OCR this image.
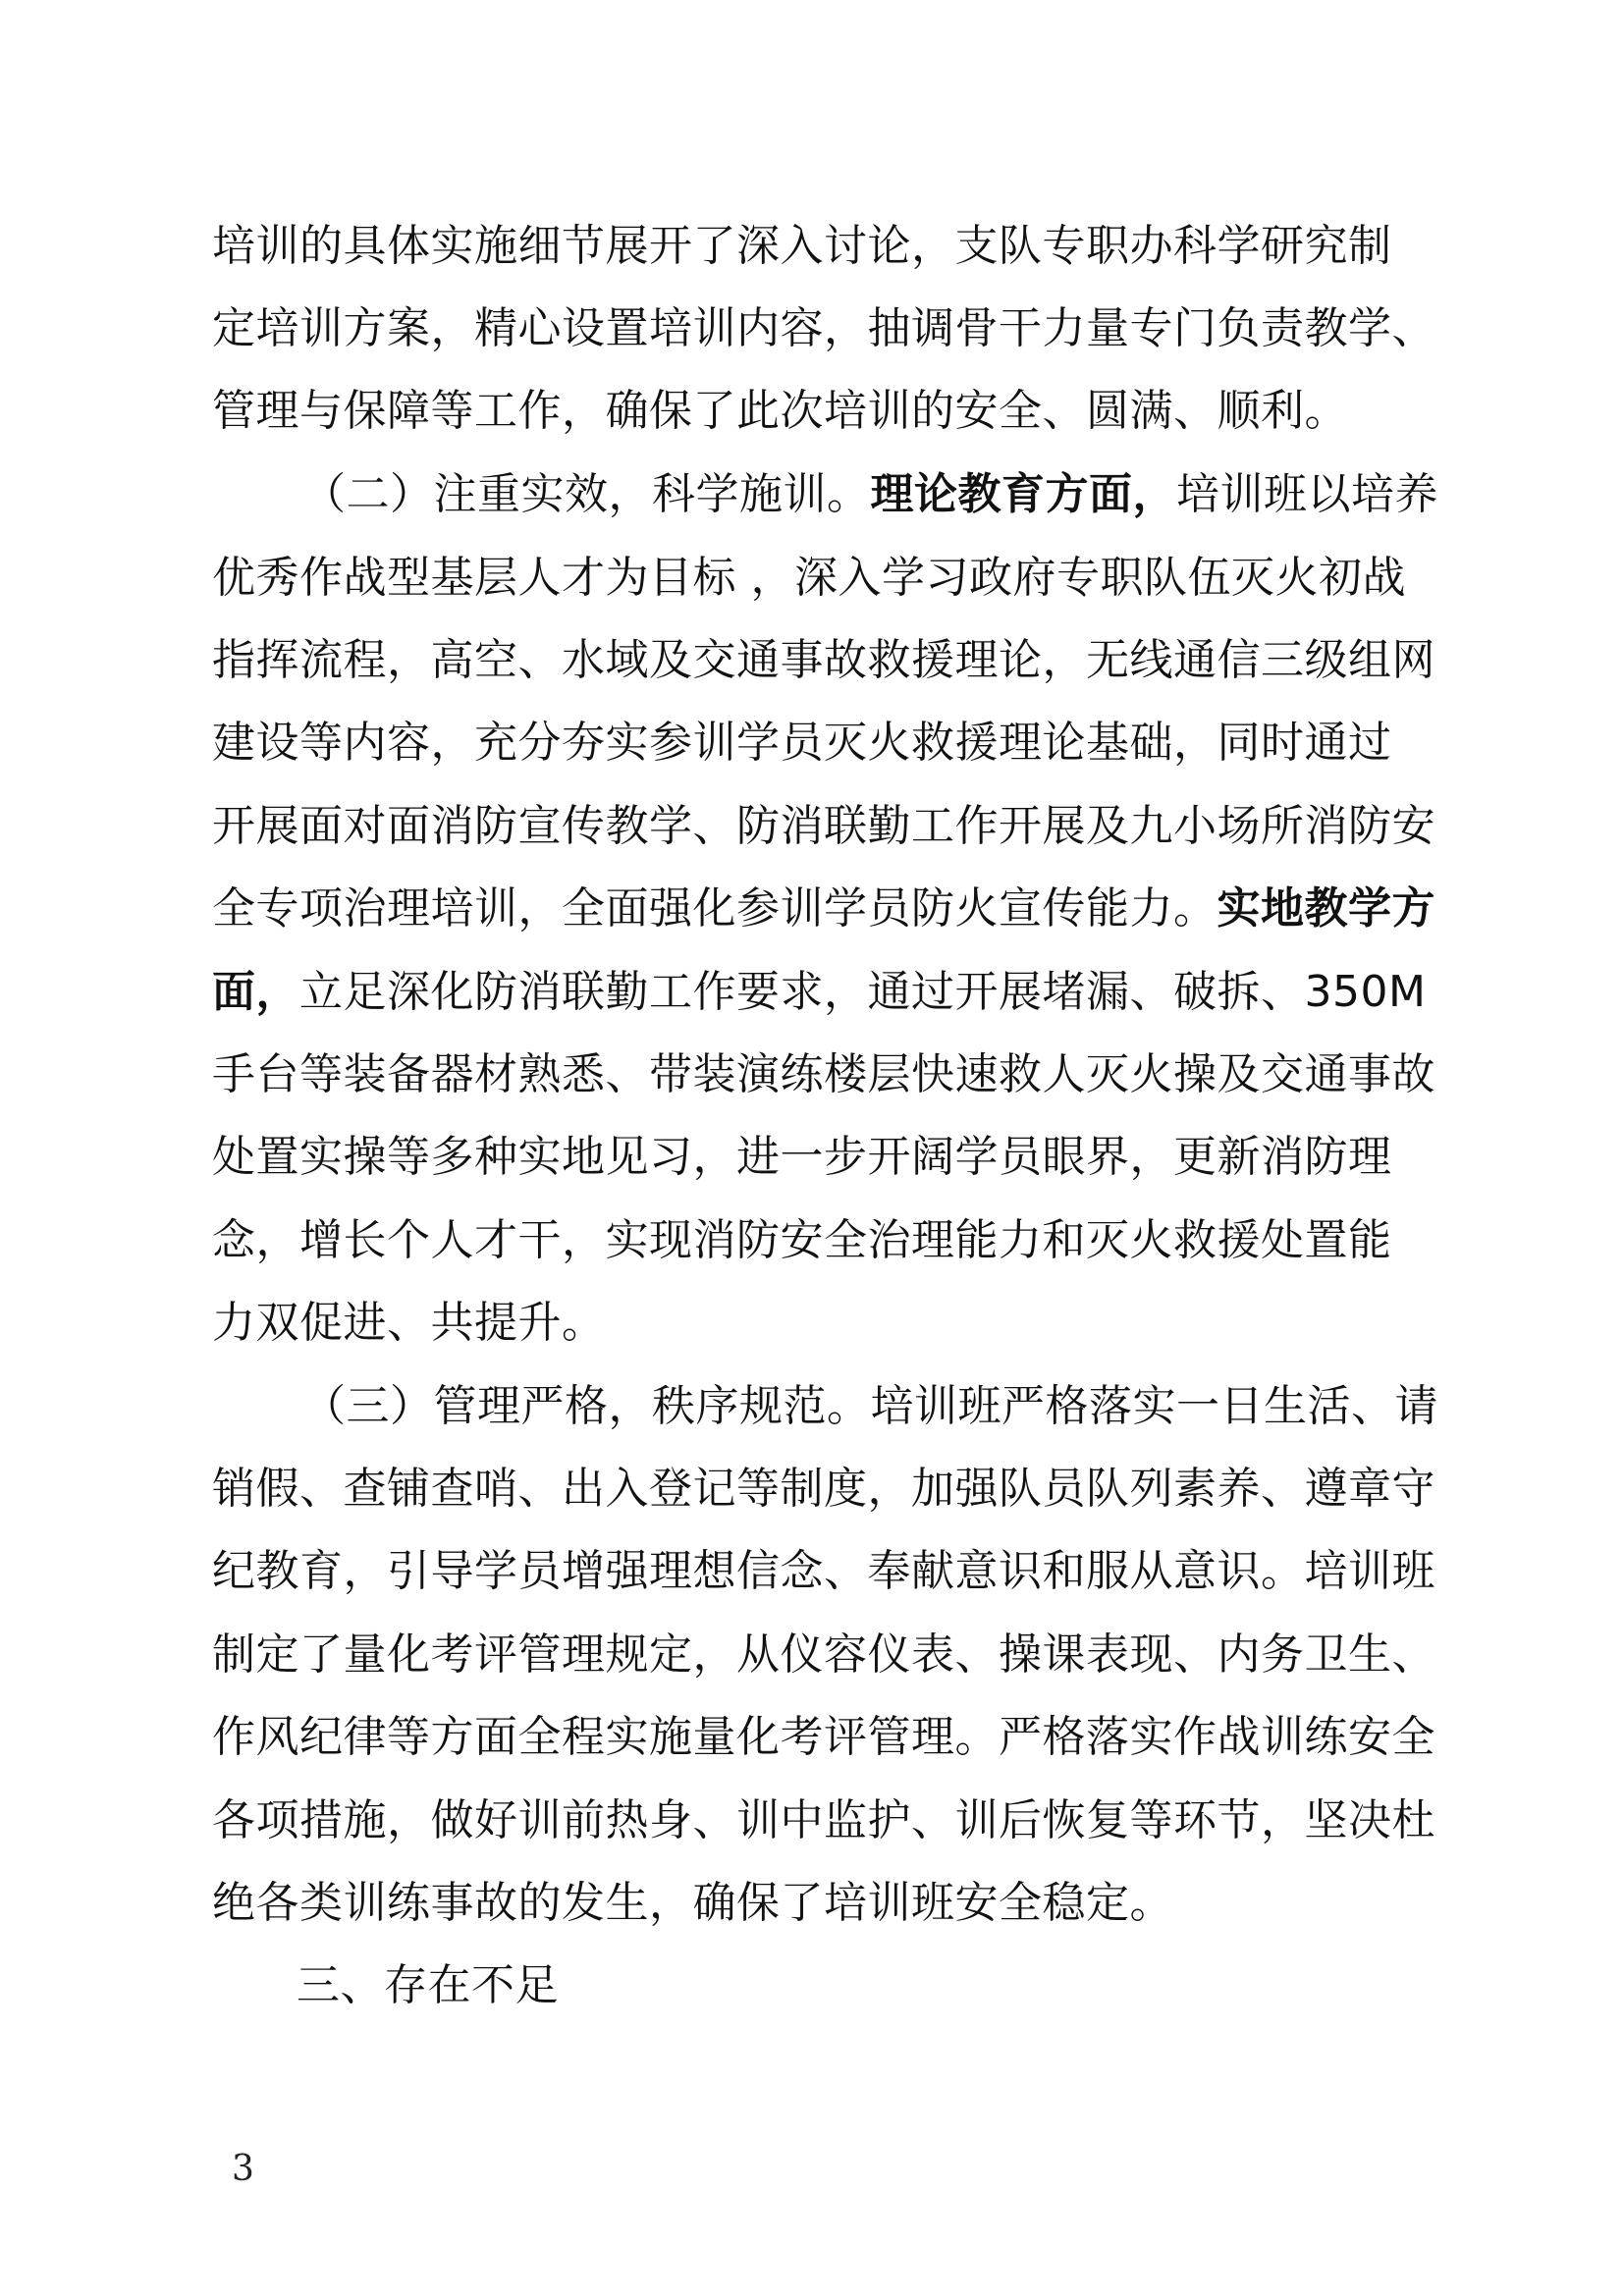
培训的具体实施细节展开了深入讨论，支队专职办科学研究制
定培训方案，精心设置培训内容，抽调骨干力量专门负责教学、
管理与保障等工作，确保了此次培训的安全、圆满、顺利。
（二）注重实效，科学施训。理论教育方面，培训班以培养
优秀作战型基层人才为目标 ，深入学习政府专职队伍灭火初战
指挥流程，高空、水域及交通事故救援理论，无线通信三级组网
建设等内容，充分夯实参训学员灭火救援理论基础，同时通过
开展面对面消防宣传教学、防消联勤工作开展及九小场所消防安
全专项治理培训，全面强化参训学员防火宣传能力。实地教学方
面，立足深化防消联勤工作要求，通过开展堵漏、破拆、350M
手台等装备器材熟悉、带装演练楼层快速救人灭火操及交通事故
处置实操等多种实地见习，进一步开阔学员眼界，更新消防理
念，增长个人才干，实现消防安全治理能力和灭火救援处置能
力双促进、共提升。
（三）管理严格，秩序规范。培训班严格落实一日生活、请
销假、查铺查哨、出入登记等制度，加强队员队列素养、遵章守
纪教育，引导学员增强理想信念、奉献意识和服从意识。培训班
制定了量化考评管理规定，从仪容仪表、操课表现、内务卫生、
作风纪律等方面全程实施量化考评管理。严格落实作战训练安全
各项措施，做好训前热身、训中监护、训后恢复等环节，坚决杜
绝各类训练事故的发生，确保了培训班安全稳定。
三、存在不足
3
